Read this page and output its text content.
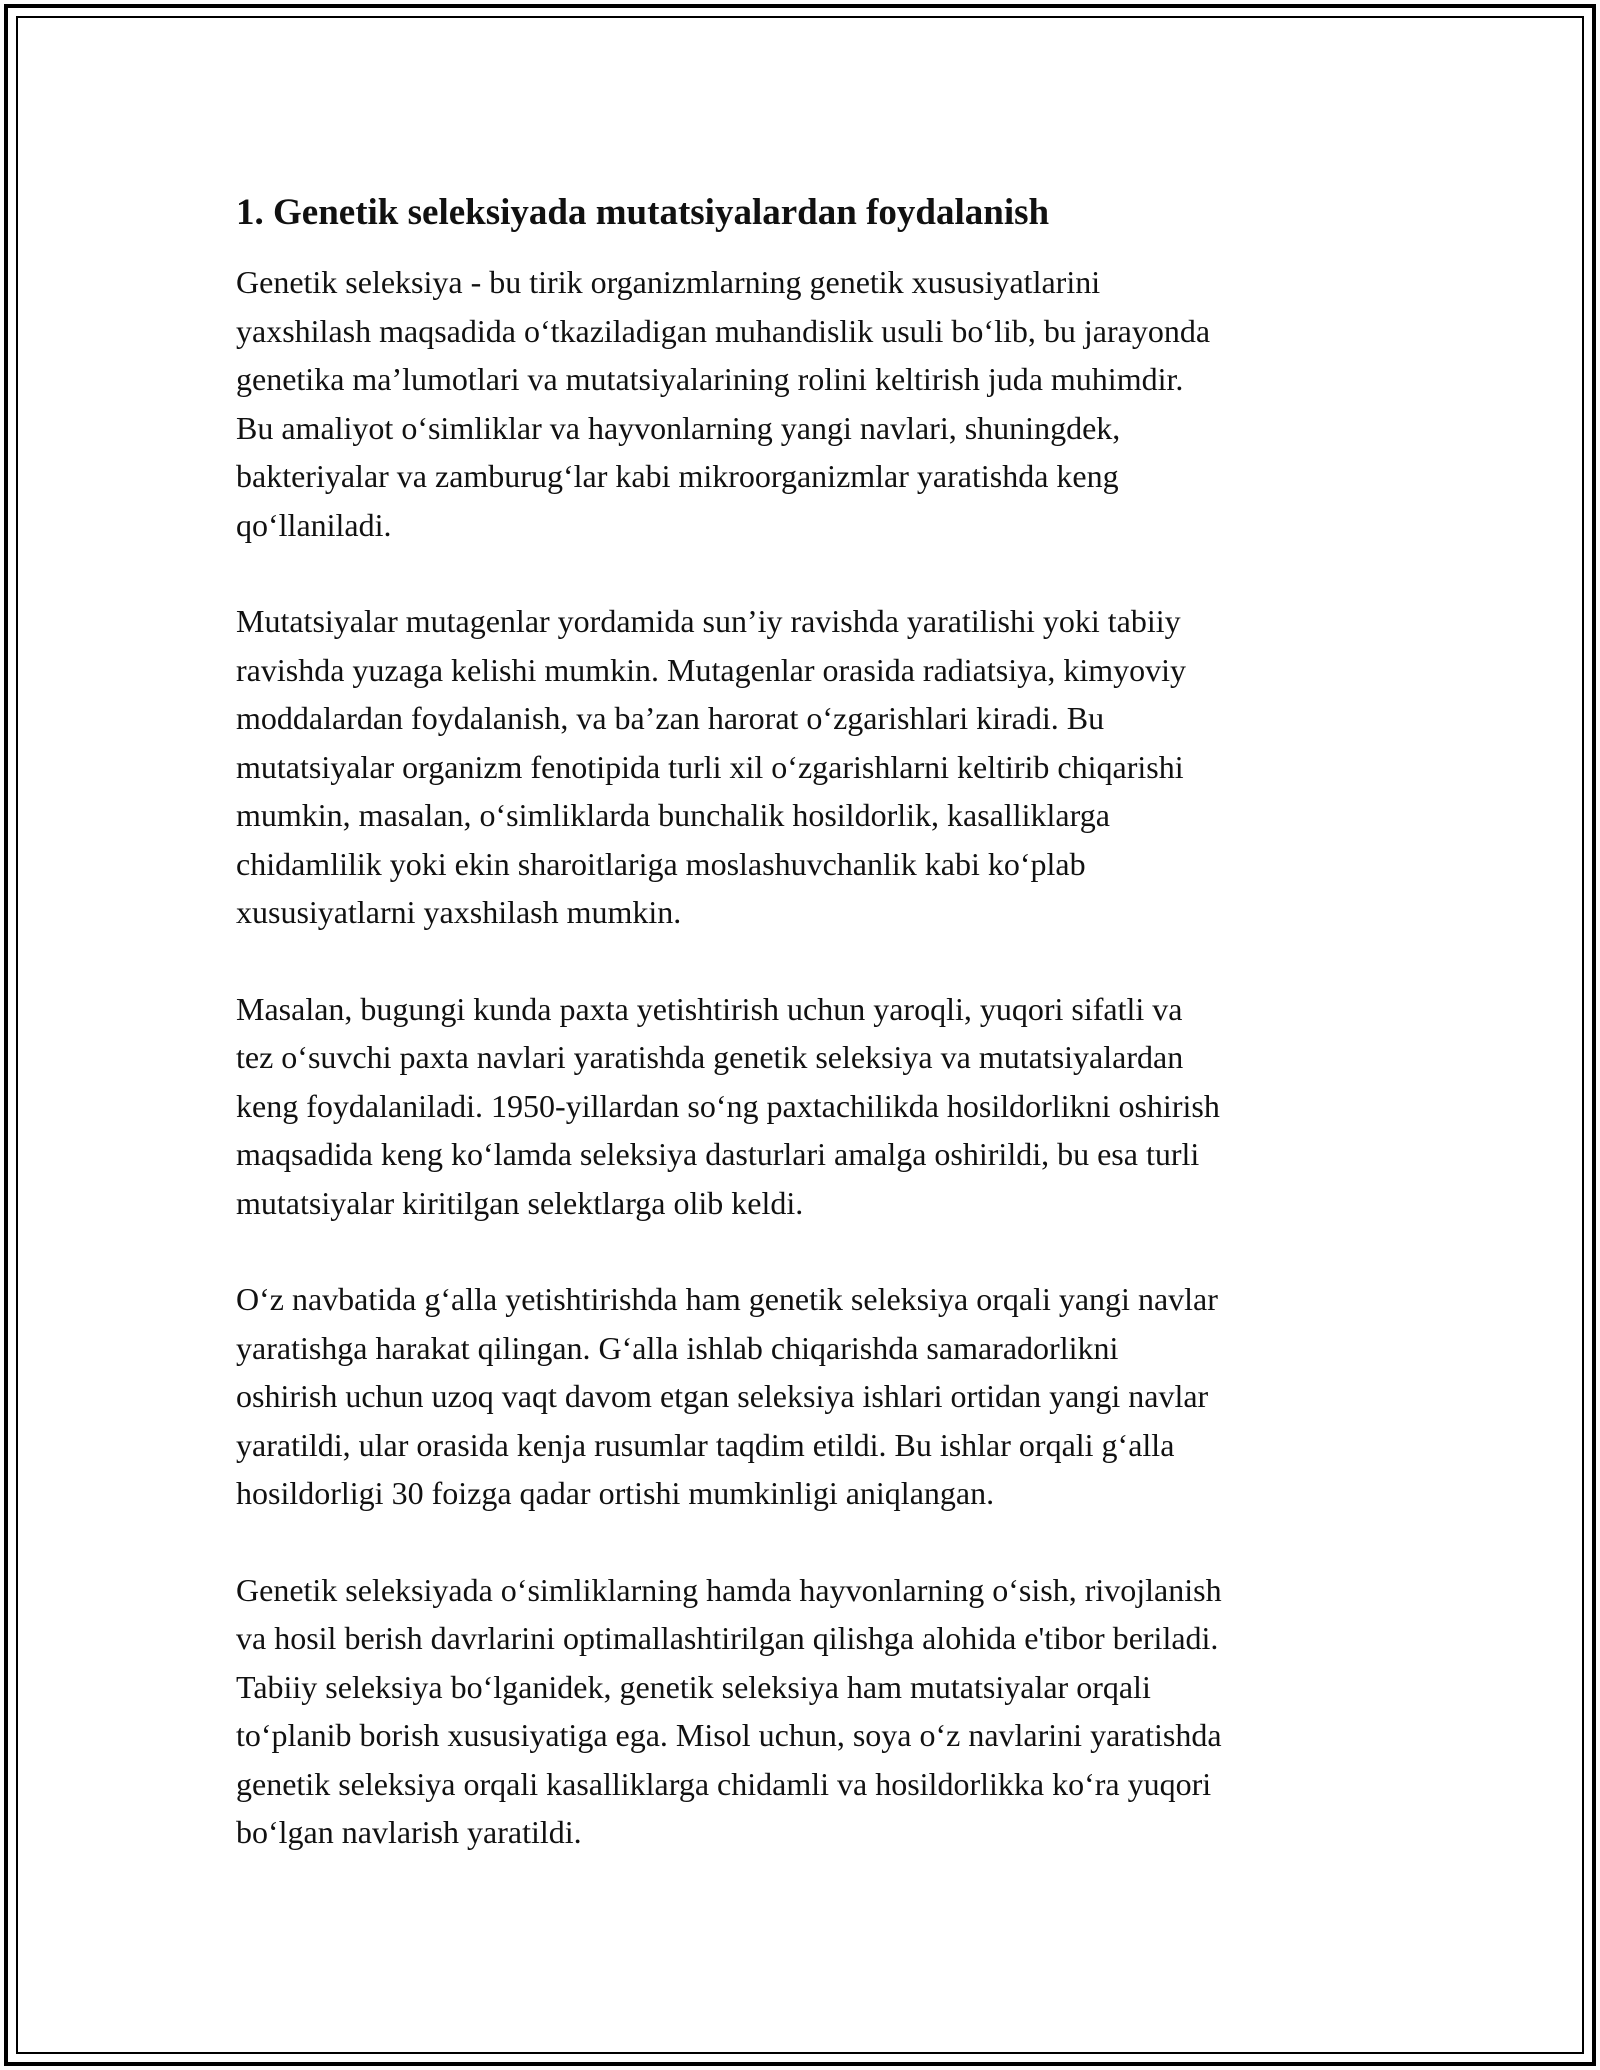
1. Genetik seleksiyada mutatsiyalardan foydalanish

Genetik seleksiya - bu tirik organizmlarning genetik xususiyatlarini
yaxshilash maqsadida oʻtkaziladigan muhandislik usuli boʻlib, bu jarayonda
genetika maʼlumotlari va mutatsiyalarining rolini keltirish juda muhimdir.
Bu amaliyot oʻsimliklar va hayvonlarning yangi navlari, shuningdek,
bakteriyalar va zamburugʻlar kabi mikroorganizmlar yaratishda keng
qoʻllaniladi.

Mutatsiyalar mutagenlar yordamida sunʼiy ravishda yaratilishi yoki tabiiy
ravishda yuzaga kelishi mumkin. Mutagenlar orasida radiatsiya, kimyoviy
moddalardan foydalanish, va baʼzan harorat oʻzgarishlari kiradi. Bu
mutatsiyalar organizm fenotipida turli xil oʻzgarishlarni keltirib chiqarishi
mumkin, masalan, oʻsimliklarda bunchalik hosildorlik, kasalliklarga
chidamlilik yoki ekin sharoitlariga moslashuvchanlik kabi koʻplab
xususiyatlarni yaxshilash mumkin.

Masalan, bugungi kunda paxta yetishtirish uchun yaroqli, yuqori sifatli va
tez oʻsuvchi paxta navlari yaratishda genetik seleksiya va mutatsiyalardan
keng foydalaniladi. 1950-yillardan soʻng paxtachilikda hosildorlikni oshirish
maqsadida keng koʻlamda seleksiya dasturlari amalga oshirildi, bu esa turli
mutatsiyalar kiritilgan selektlarga olib keldi.

Oʻz navbatida gʻalla yetishtirishda ham genetik seleksiya orqali yangi navlar
yaratishga harakat qilingan. Gʻalla ishlab chiqarishda samaradorlikni
oshirish uchun uzoq vaqt davom etgan seleksiya ishlari ortidan yangi navlar
yaratildi, ular orasida kenja rusumlar taqdim etildi. Bu ishlar orqali gʻalla
hosildorligi 30 foizga qadar ortishi mumkinligi aniqlangan.

Genetik seleksiyada oʻsimliklarning hamda hayvonlarning oʻsish, rivojlanish
va hosil berish davrlarini optimallashtirilgan qilishga alohida e'tibor beriladi.
Tabiiy seleksiya boʻlganidek, genetik seleksiya ham mutatsiyalar orqali
toʻplanib borish xususiyatiga ega. Misol uchun, soya oʻz navlarini yaratishda
genetik seleksiya orqali kasalliklarga chidamli va hosildorlikka koʻra yuqori
boʻlgan navlarish yaratildi.
